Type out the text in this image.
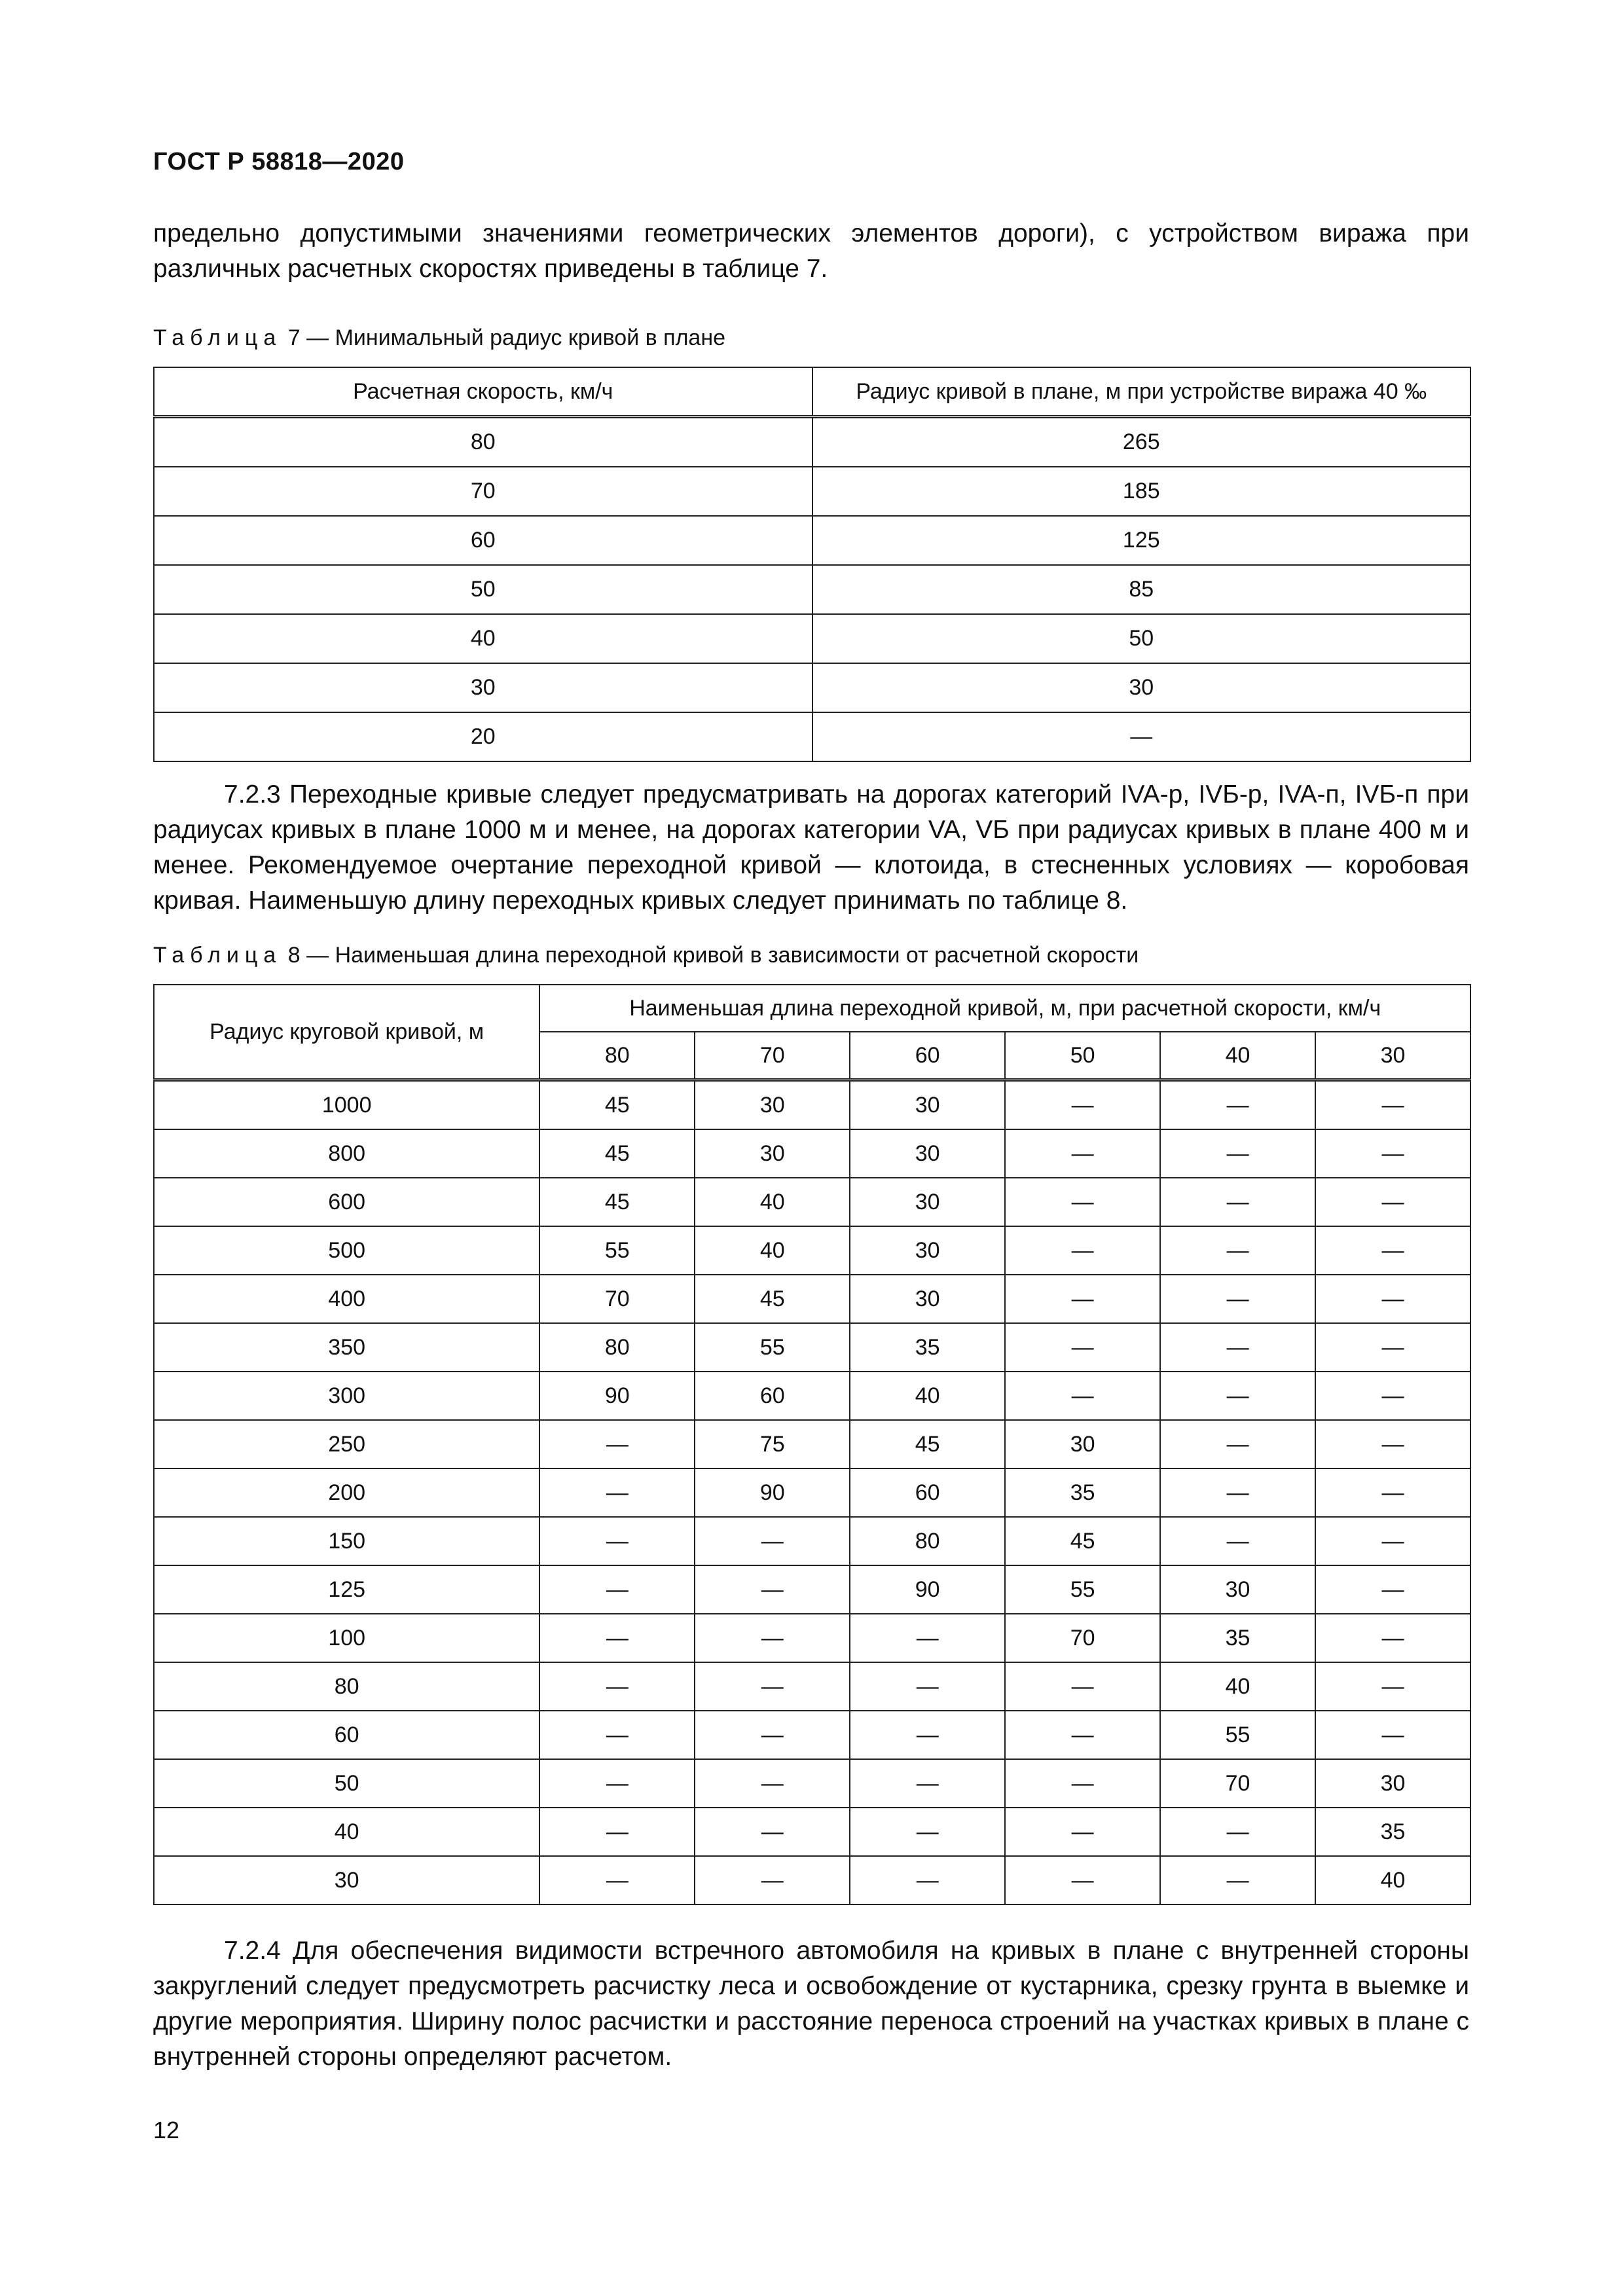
ГОСТ Р 58818—2020

предельно допустимыми значениями геометрических элементов дороги), с устройством виража при различных расчетных скоростях приведены в таблице 7.

Таблица 7 — Минимальный радиус кривой в плане
Расчетная скорость, км/ч	Радиус кривой в плане, м при устройстве виража 40 ‰
80	265
70	185
60	125
50	85
40	50
30	30
20	—

7.2.3 Переходные кривые следует предусматривать на дорогах категорий IVA-р, IVБ-р, IVA-п, IVБ-п при радиусах кривых в плане 1000 м и менее, на дорогах категории VA, VБ при радиусах кривых в плане 400 м и менее. Рекомендуемое очертание переходной кривой — клотоида, в стесненных условиях — коробовая кривая. Наименьшую длину переходных кривых следует принимать по таблице 8.

Таблица 8 — Наименьшая длина переходной кривой в зависимости от расчетной скорости
Радиус круговой кривой, м	Наименьшая длина переходной кривой, м, при расчетной скорости, км/ч					
	80	70	60	50	40	30
1000	45	30	30	—	—	—
800	45	30	30	—	—	—
600	45	40	30	—	—	—
500	55	40	30	—	—	—
400	70	45	30	—	—	—
350	80	55	35	—	—	—
300	90	60	40	—	—	—
250	—	75	45	30	—	—
200	—	90	60	35	—	—
150	—	—	80	45	—	—
125	—	—	90	55	30	—
100	—	—	—	70	35	—
80	—	—	—	—	40	—
60	—	—	—	—	55	—
50	—	—	—	—	70	30
40	—	—	—	—	—	35
30	—	—	—	—	—	40

7.2.4 Для обеспечения видимости встречного автомобиля на кривых в плане с внутренней стороны закруглений следует предусмотреть расчистку леса и освобождение от кустарника, срезку грунта в выемке и другие мероприятия. Ширину полос расчистки и расстояние переноса строений на участках кривых в плане с внутренней стороны определяют расчетом.

12
